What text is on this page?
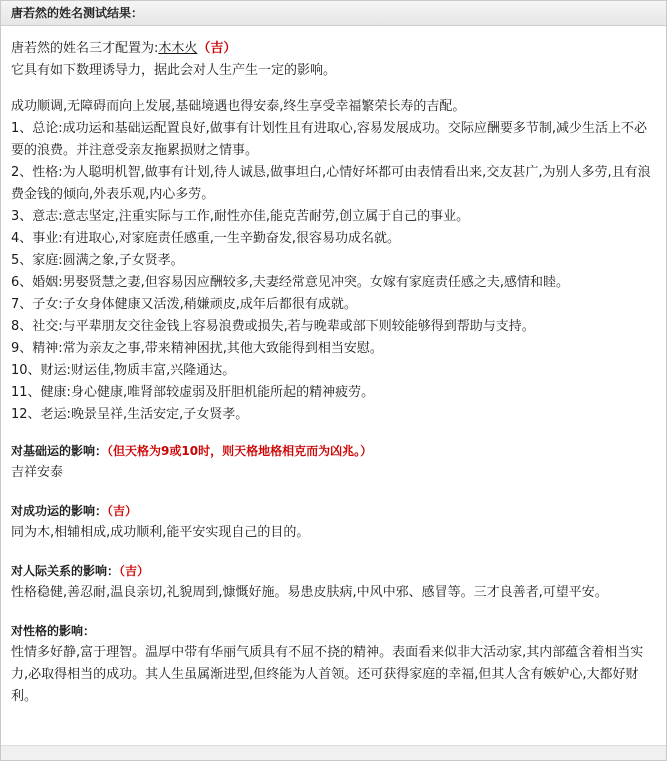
唐若然的姓名测试结果：
唐若然的姓名三才配置为:木木火（吉）
它具有如下数理诱导力，据此会对人生产生一定的影响。
成功顺调,无障碍而向上发展,基础境遇也得安泰,终生享受幸福繁荣长寿的吉配。
1、总论:成功运和基础运配置良好,做事有计划性且有进取心,容易发展成功。交际应酬要多节制,减少生活上不必要的浪费。并注意受亲友拖累损财之情事。
2、性格:为人聪明机智,做事有计划,待人诚恳,做事坦白,心情好坏都可由表情看出来,交友甚广,为别人多劳,且有浪费金钱的倾向,外表乐观,内心多劳。
3、意志:意志坚定,注重实际与工作,耐性亦佳,能克苦耐劳,创立属于自己的事业。
4、事业:有进取心,对家庭责任感重,一生辛勤奋发,很容易功成名就。
5、家庭:圆满之象,子女贤孝。
6、婚姻:男娶贤慧之妻,但容易因应酬较多,夫妻经常意见冲突。女嫁有家庭责任感之夫,感情和睦。
7、子女:子女身体健康又活泼,稍嫌顽皮,成年后都很有成就。
8、社交:与平辈朋友交往金钱上容易浪费或损失,若与晚辈或部下则较能够得到帮助与支持。
9、精神:常为亲友之事,带来精神困扰,其他大致能得到相当安慰。
10、财运:财运佳,物质丰富,兴隆通达。
11、健康:身心健康,唯肾部较虚弱及肝胆机能所起的精神疲劳。
12、老运:晚景呈祥,生活安定,子女贤孝。
对基础运的影响：（但天格为9或10时，则天格地格相克而为凶兆。）
吉祥安泰
对成功运的影响：（吉）
同为木,相辅相成,成功顺利,能平安实现自己的目的。
对人际关系的影响：（吉）
性格稳健,善忍耐,温良亲切,礼貌周到,慷慨好施。易患皮肤病,中风中邪、感冒等。三才良善者,可望平安。
对性格的影响：
性情多好静,富于理智。温厚中带有华丽气质具有不屈不挠的精神。表面看来似非大活动家,其内部蕴含着相当实力,必取得相当的成功。其人生虽属渐进型,但终能为人首领。还可获得家庭的幸福,但其人含有嫉妒心,大都好财利。
